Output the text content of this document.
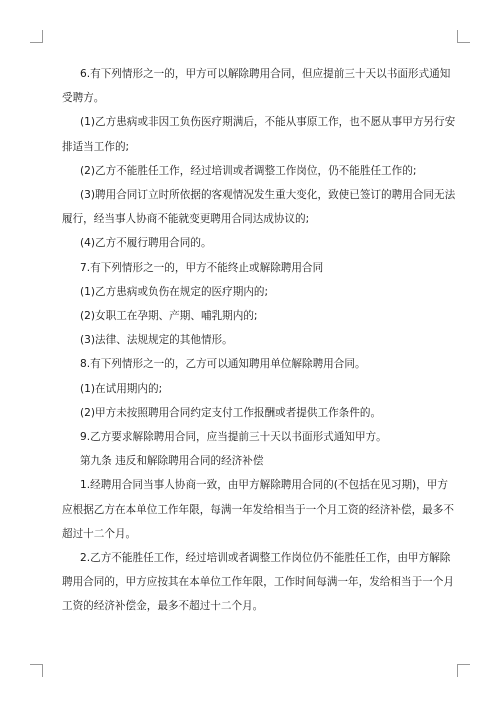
6.有下列情形之一的，甲方可以解除聘用合同，但应提前三十天以书面形式通知

受聘方。

(1)乙方患病或非因工负伤医疗期满后，不能从事原工作，也不愿从事甲方另行安

排适当工作的;

(2)乙方不能胜任工作，经过培训或者调整工作岗位，仍不能胜任工作的;

(3)聘用合同订立时所依据的客观情况发生重大变化，致使已签订的聘用合同无法

履行，经当事人协商不能就变更聘用合同达成协议的;

(4)乙方不履行聘用合同的。

7.有下列情形之一的，甲方不能终止或解除聘用合同

(1)乙方患病或负伤在规定的医疗期内的;

(2)女职工在孕期、产期、哺乳期内的;

(3)法律、法规规定的其他情形。

8.有下列情形之一的，乙方可以通知聘用单位解除聘用合同。

(1)在试用期内的;

(2)甲方未按照聘用合同约定支付工作报酬或者提供工作条件的。

9.乙方要求解除聘用合同，应当提前三十天以书面形式通知甲方。

第九条 违反和解除聘用合同的经济补偿

1.经聘用合同当事人协商一致，由甲方解除聘用合同的(不包括在见习期)，甲方

应根据乙方在本单位工作年限，每满一年发给相当于一个月工资的经济补偿，最多不

超过十二个月。

2.乙方不能胜任工作，经过培训或者调整工作岗位仍不能胜任工作，由甲方解除

聘用合同的，甲方应按其在本单位工作年限，工作时间每满一年，发给相当于一个月

工资的经济补偿金，最多不超过十二个月。
